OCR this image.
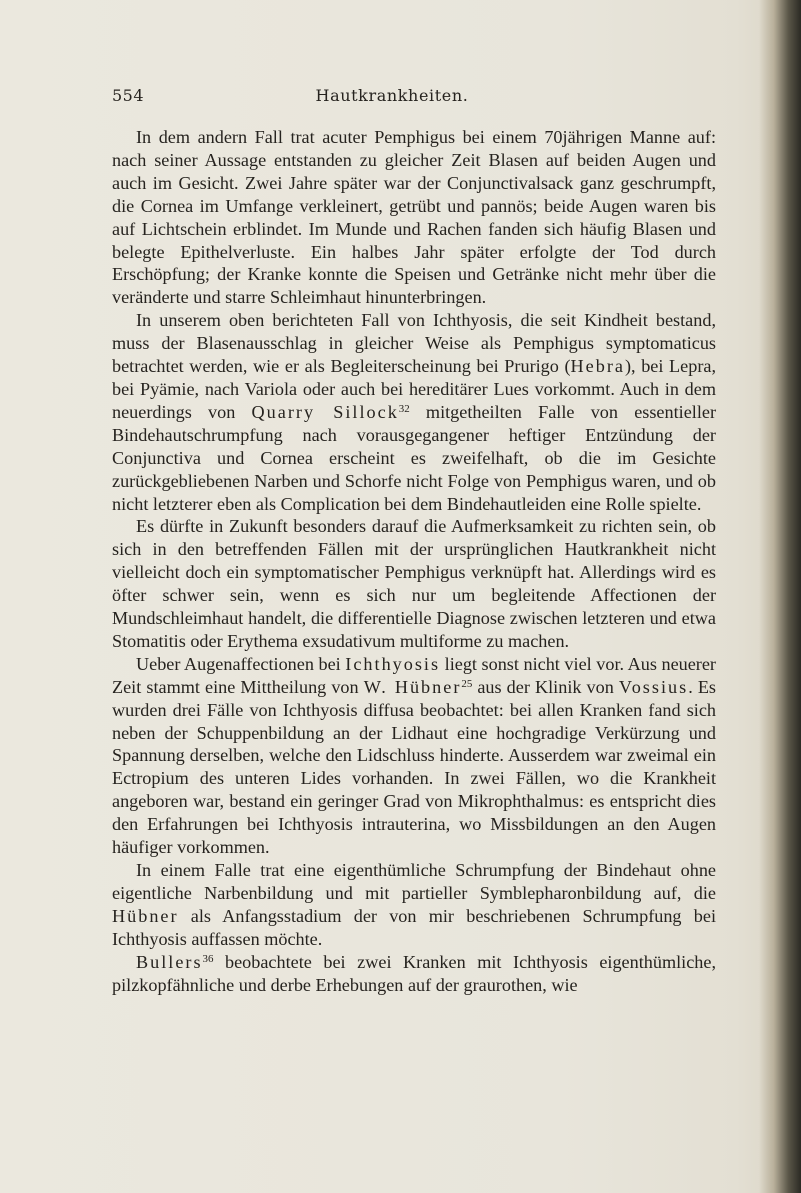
554	Hautkrankheiten.

In dem andern Fall trat acuter Pemphigus bei einem 70jährigen Manne auf: nach seiner Aussage entstanden zu gleicher Zeit Blasen auf beiden Augen und auch im Gesicht. Zwei Jahre später war der Conjunctivalsack ganz geschrumpft, die Cornea im Umfange verkleinert, getrübt und pannös; beide Augen waren bis auf Lichtschein erblindet. Im Munde und Rachen fanden sich häufig Blasen und belegte Epithelverluste. Ein halbes Jahr später erfolgte der Tod durch Erschöpfung; der Kranke konnte die Speisen und Getränke nicht mehr über die veränderte und starre Schleimhaut hinunterbringen.

In unserem oben berichteten Fall von Ichthyosis, die seit Kindheit bestand, muss der Blasenausschlag in gleicher Weise als Pemphigus symptomaticus betrachtet werden, wie er als Begleiterscheinung bei Prurigo (Hebra), bei Lepra, bei Pyämie, nach Variola oder auch bei hereditärer Lues vorkommt. Auch in dem neuerdings von Quarry Sillock$^{32}$ mitgetheilten Falle von essentieller Bindehautschrumpfung nach vorausgegangener heftiger Entzündung der Conjunctiva und Cornea erscheint es zweifelhaft, ob die im Gesichte zurückgebliebenen Narben und Schorfe nicht Folge von Pemphigus waren, und ob nicht letzterer eben als Complication bei dem Bindehautleiden eine Rolle spielte.

Es dürfte in Zukunft besonders darauf die Aufmerksamkeit zu richten sein, ob sich in den betreffenden Fällen mit der ursprünglichen Hautkrankheit nicht vielleicht doch ein symptomatischer Pemphigus verknüpft hat. Allerdings wird es öfter schwer sein, wenn es sich nur um begleitende Affectionen der Mundschleimhaut handelt, die differentielle Diagnose zwischen letzteren und etwa Stomatitis oder Erythema exsudativum multiforme zu machen.

Ueber Augenaffectionen bei Ichthyosis liegt sonst nicht viel vor. Aus neuerer Zeit stammt eine Mittheilung von W. Hübner$^{25}$ aus der Klinik von Vossius. Es wurden drei Fälle von Ichthyosis diffusa beobachtet: bei allen Kranken fand sich neben der Schuppenbildung an der Lidhaut eine hochgradige Verkürzung und Spannung derselben, welche den Lidschluss hinderte. Ausserdem war zweimal ein Ectropium des unteren Lides vorhanden. In zwei Fällen, wo die Krankheit angeboren war, bestand ein geringer Grad von Mikrophthalmus: es entspricht dies den Erfahrungen bei Ichthyosis intrauterina, wo Missbildungen an den Augen häufiger vorkommen.

In einem Falle trat eine eigenthümliche Schrumpfung der Bindehaut ohne eigentliche Narbenbildung und mit partieller Symblepharonbildung auf, die Hübner als Anfangsstadium der von mir beschriebenen Schrumpfung bei Ichthyosis auffassen möchte.

Bullers$^{36}$ beobachtete bei zwei Kranken mit Ichthyosis eigenthümliche, pilzkopfähnliche und derbe Erhebungen auf der graurothen, wie
